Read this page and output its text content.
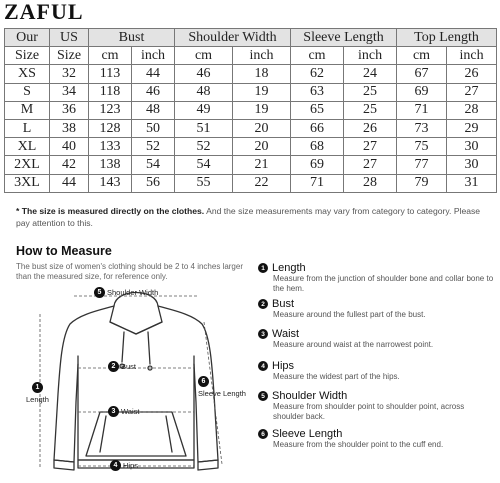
ZAFUL
Our	US	Bust		Shoulder Width		Sleeve Length		Top Length	
Size	Size	cm	inch	cm	inch	cm	inch	cm	inch
XS	32	113	44	46	18	62	24	67	26
S	34	118	46	48	19	63	25	69	27
M	36	123	48	49	19	65	25	71	28
L	38	128	50	51	20	66	26	73	29
XL	40	133	52	52	20	68	27	75	30
2XL	42	138	54	54	21	69	27	77	30
3XL	44	143	56	55	22	71	28	79	31
* The size is measured directly on the clothes. And the size measurements may vary from category to category. Please pay attention to this.
How to Measure
The bust size of women's clothing should be 2 to 4 inches larger than the measured size, for reference only.
5 Shoulder Width
2 Bust
1
Length
6
Sleeve Length
3 Waist
4 Hips
1 Length
Measure from the junction of shoulder bone and collar bone to the hem.
2 Bust
Measure around the fullest part of the bust.
3 Waist
Measure around waist at the narrowest point.
4 Hips
Measure the widest part of the hips.
5 Shoulder Width
Measure from shoulder point to shoulder point, across shoulder back.
6 Sleeve Length
Measure from the shoulder point to the cuff end.
